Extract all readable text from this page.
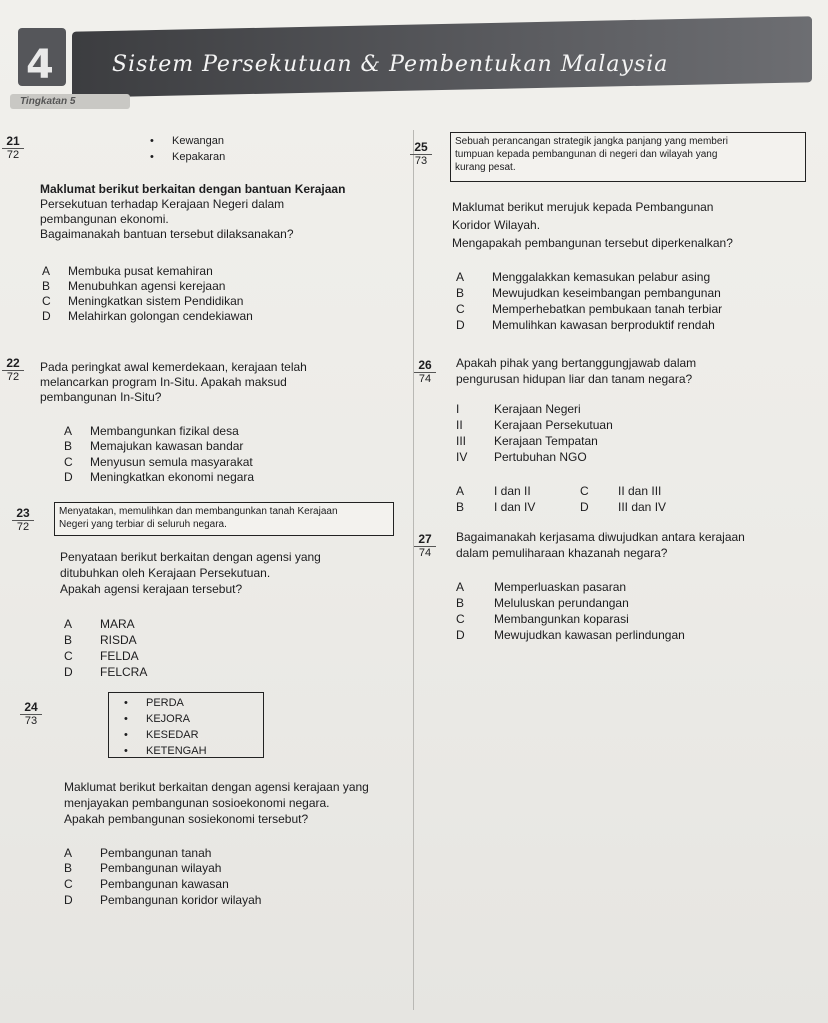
4	Sistem Persekutuan & Pembentukan Malaysia
Tingkatan 5
21
72
• Kewangan
• Kepakaran
Maklumat berikut berkaitan dengan bantuan Kerajaan
Persekutuan terhadap Kerajaan Negeri dalam
pembangunan ekonomi.
Bagaimanakah bantuan tersebut dilaksanakan?
A Membuka pusat kemahiran
B Menubuhkan agensi kerejaan
C Meningkatkan sistem Pendidikan
D Melahirkan golongan cendekiawan
22
72
Pada peringkat awal kemerdekaan, kerajaan telah
melancarkan program In-Situ. Apakah maksud
pembangunan In-Situ?
A Membangunkan fizikal desa
B Memajukan kawasan bandar
C Menyusun semula masyarakat
D Meningkatkan ekonomi negara
23
72
Menyatakan, memulihkan dan membangunkan tanah Kerajaan
Negeri yang terbiar di seluruh negara.
Penyataan berikut berkaitan dengan agensi yang
ditubuhkan oleh Kerajaan Persekutuan.
Apakah agensi kerajaan tersebut?
A MARA
B RISDA
C FELDA
D FELCRA
24
73
• PERDA
• KEJORA
• KESEDAR
• KETENGAH
Maklumat berikut berkaitan dengan agensi kerajaan yang
menjayakan pembangunan sosioekonomi negara.
Apakah pembangunan sosiekonomi tersebut?
A Pembangunan tanah
B Pembangunan wilayah
C Pembangunan kawasan
D Pembangunan koridor wilayah
25
73
Sebuah perancangan strategik jangka panjang yang memberi
tumpuan kepada pembangunan di negeri dan wilayah yang
kurang pesat.
Maklumat berikut merujuk kepada Pembangunan
Koridor Wilayah.
Mengapakah pembangunan tersebut diperkenalkan?
A Menggalakkan kemasukan pelabur asing
B Mewujudkan keseimbangan pembangunan
C Memperhebatkan pembukaan tanah terbiar
D Memulihkan kawasan berproduktif rendah
26
74
Apakah pihak yang bertanggungjawab dalam
pengurusan hidupan liar dan tanam negara?
I	Kerajaan Negeri
II	Kerajaan Persekutuan
III Kerajaan Tempatan
IV Pertubuhan NGO
A I dan II
B I dan IV
C II dan III
D III dan IV
27
74
Bagaimanakah kerjasama diwujudkan antara kerajaan
dalam pemuliharaan khazanah negara?
A Memperluaskan pasaran
B Meluluskan perundangan
C Membangunkan koparasi
D Mewujudkan kawasan perlindungan
